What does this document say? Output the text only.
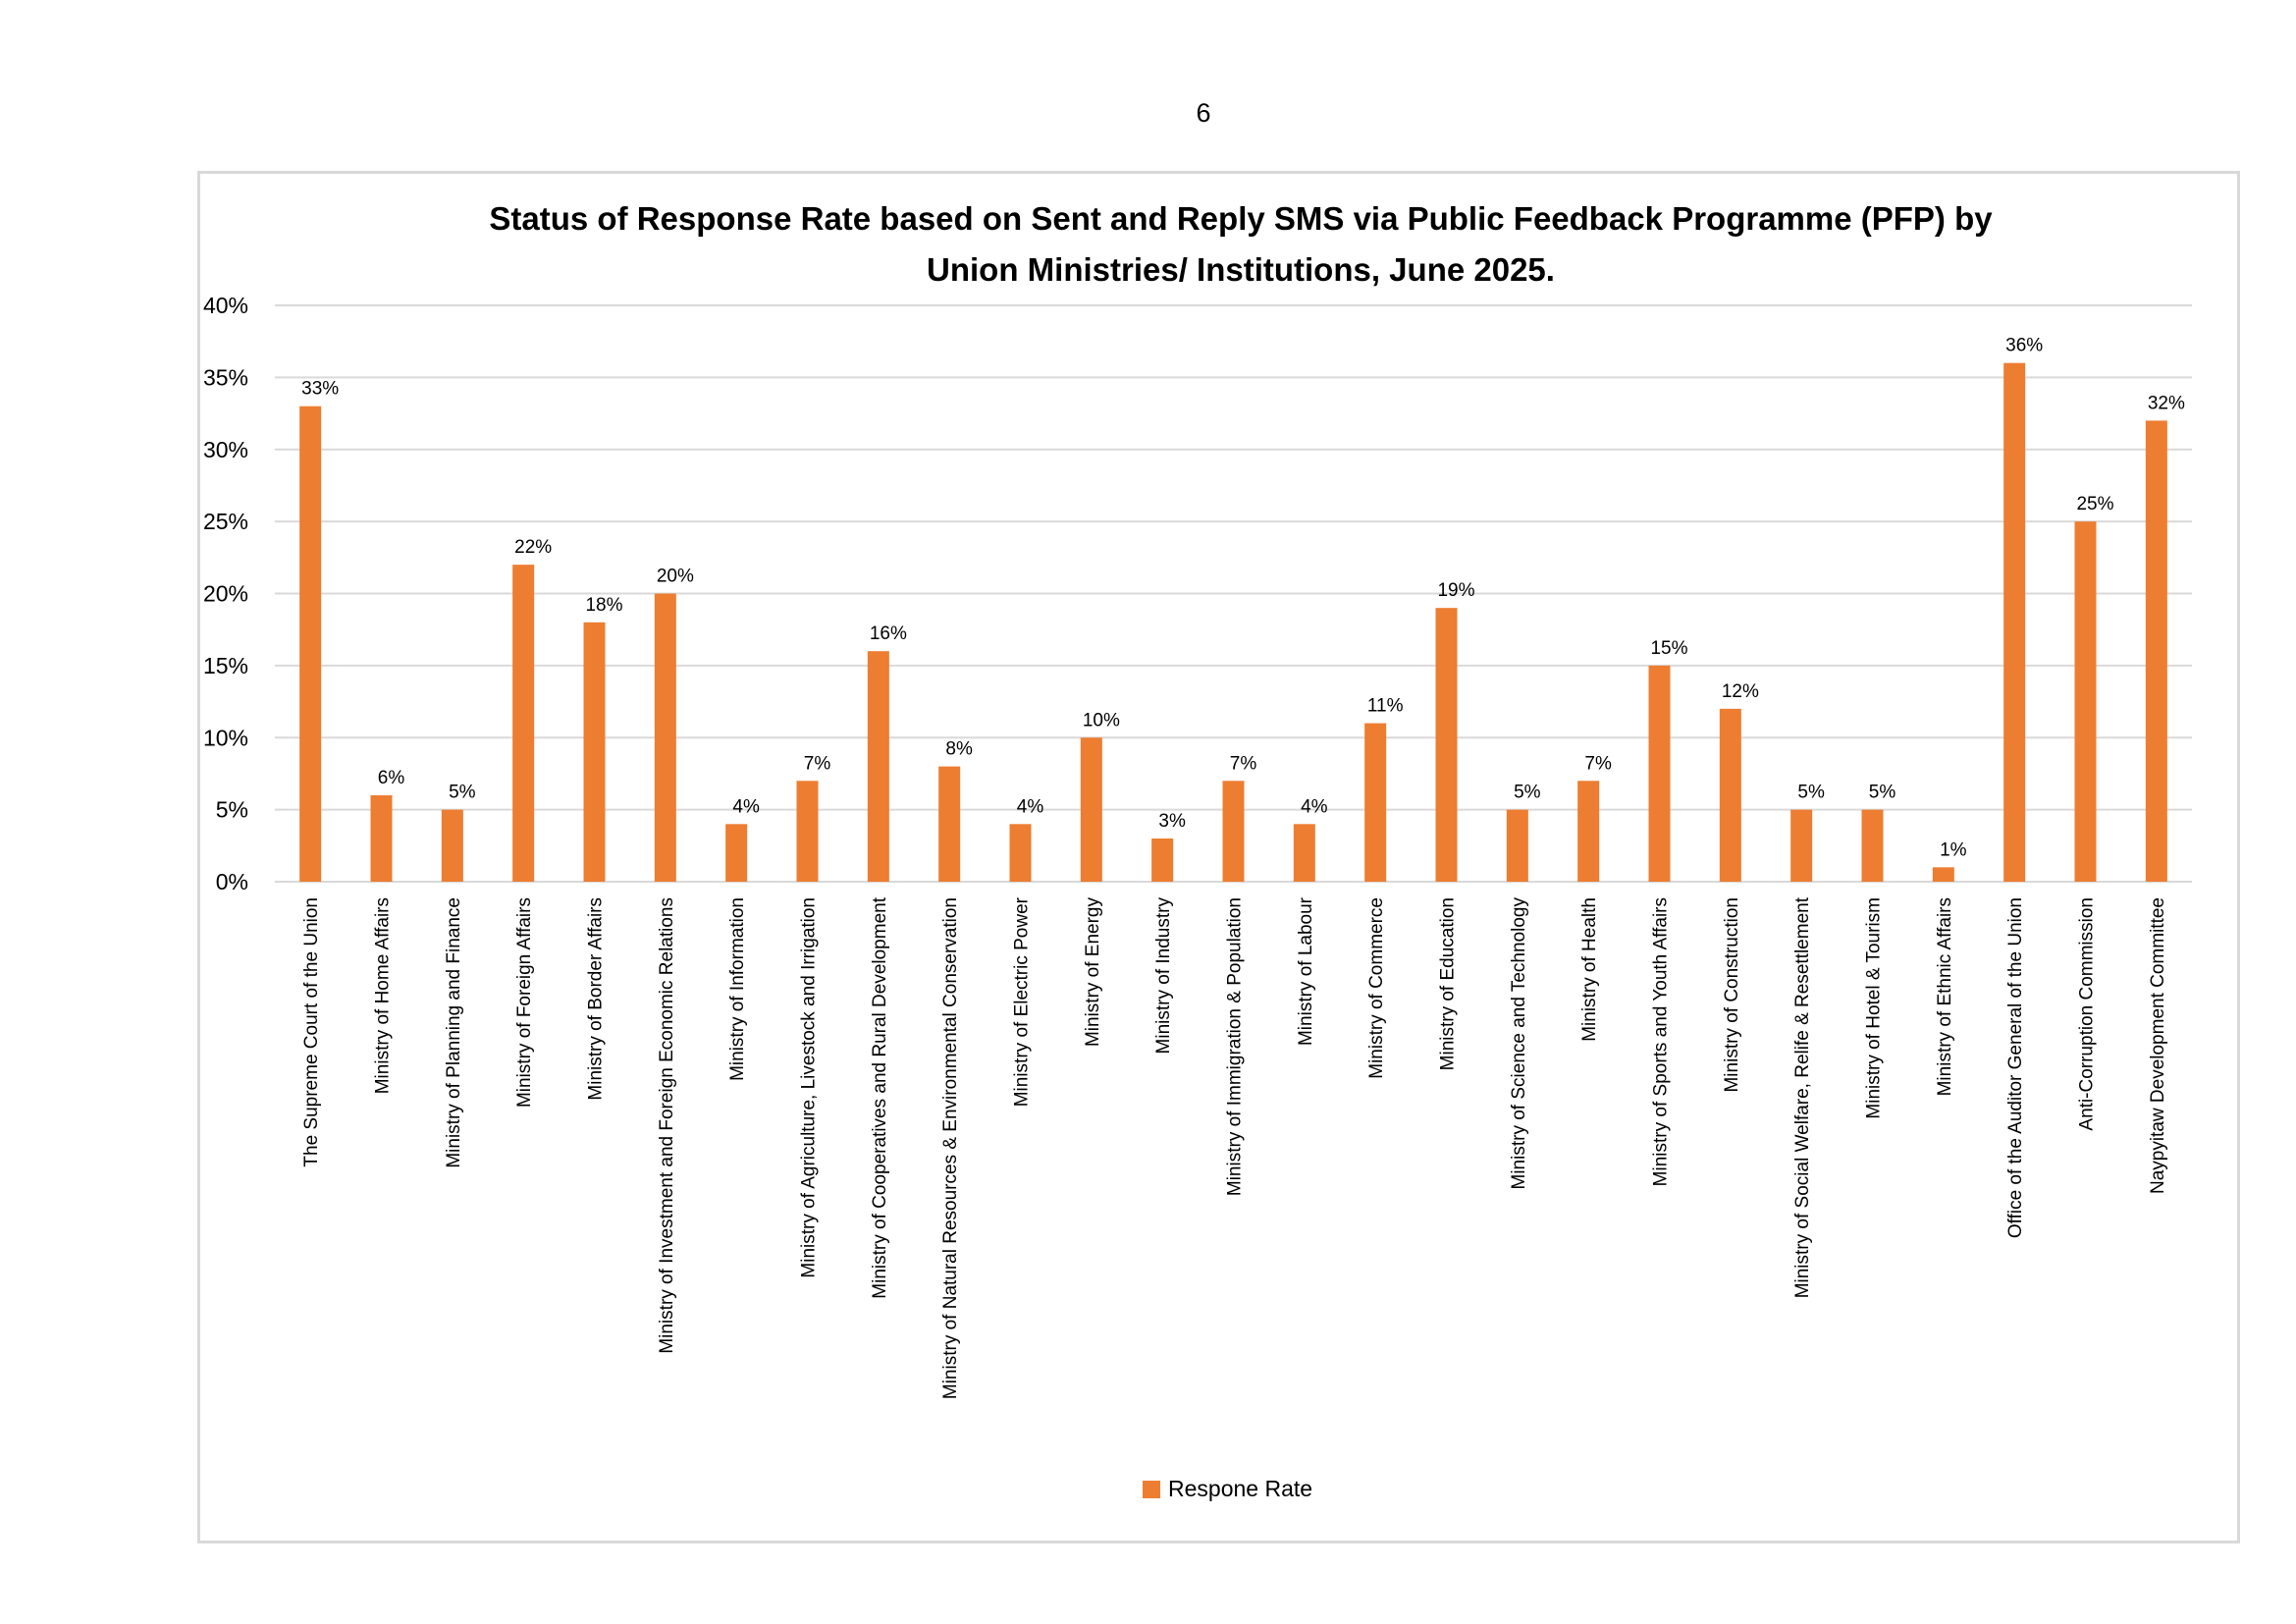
6
Status of Response Rate based on Sent and Reply SMS via Public Feedback Programme (PFP) by
Union Ministries/ Institutions, June 2025.
0%
5%
10%
15%
20%
25%
30%
35%
40%
33%
6%
5%
22%
18%
20%
4%
7%
16%
8%
4%
10%
3%
7%
4%
11%
19%
5%
7%
15%
12%
5% 5%
1%
36%
25%
32%
The Supreme Court of the Union	Ministry of Home Affairs	Ministry of Planning and Finance	Ministry of Foreign Affairs	Ministry of Border Affairs	Ministry of Investment and Foreign Economic Relations	Ministry of Information	Ministry of Agriculture, Livestock and Irrigation	Ministry of Cooperatives and Rural Development	Ministry of Natural Resources & Environmental Conservation	Ministry of Electric Power	Ministry of Energy	Ministry of Industry	Ministry of Immigration & Population	Ministry of Labour	Ministry of Commerce	Ministry of Education	Ministry of Science and Technology	Ministry of Health	Ministry of Sports and Youth Affairs	Ministry of Construction	Ministry of Social Welfare, Relife & Resettlement	Ministry of Hotel & Tourism	Ministry of Ethnic Affairs	Office of the Auditor General of the Union	Anti-Corruption Commission	Naypyitaw Development Committee
Respone Rate
